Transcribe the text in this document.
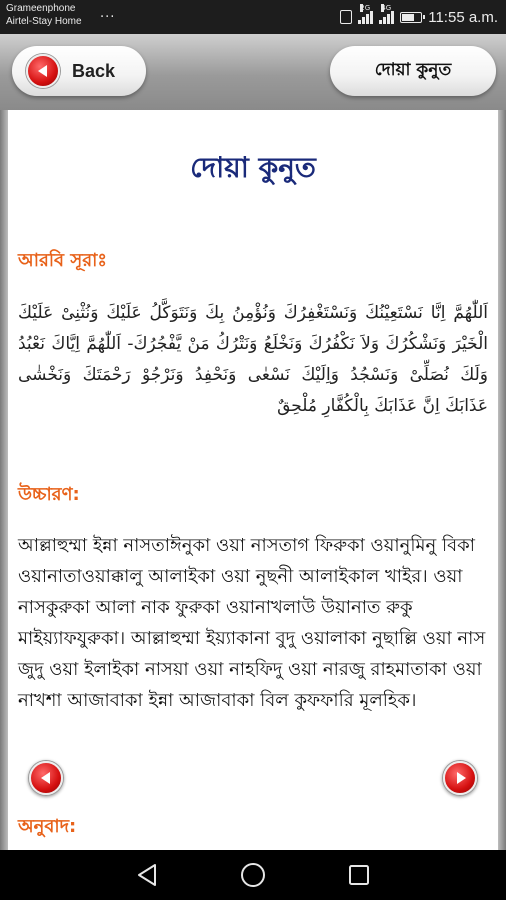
Grameenphone
Airtel-Stay Home
...	2G 4G
11:55 a.m.
Back	দোয়া কুনুত
দোয়া কুনুত
আরবি সূরাঃ
اَللّٰهُمَّ اِنَّا نَسْتَعِيْنُكَ وَنَسْتَغْفِرُكَ وَنُؤْمِنُ بِكَ وَنَتَوَكَّلُ عَلَيْكَ وَنُثْنِىْ عَلَيْكَ الْخَيْرَ وَنَشْكُرُكَ وَلاَ نَكْفُرُكَ وَنَخْلَعُ وَنَتْرُكُ مَنْ يَّفْجُرُكَ- اَللّٰهُمَّ اِيَّاكَ نَعْبُدُ وَلَكَ نُصَلِّىْ وَنَسْجُدُ وَاِلَيْكَ نَسْعٰى وَنَحْفِدُ وَنَرْجُوْ رَحْمَتَكَ وَنَخْشٰى عَذَابَكَ اِنَّ عَذَابَكَ بِالْكُفَّارِ مُلْحِقٌ
উচ্চারণ:
আল্লাহুম্মা ইন্না নাসতাঈনুকা ওয়া নাসতাগ ফিরুকা ওয়ানুমিনু বিকা ওয়ানাতাওয়াক্কালু আলাইকা ওয়া নুছনী আলাইকাল খাইর। ওয়া নাসকুরুকা আলা নাক ফুরুকা ওয়ানাখলাউ উয়ানাত রুকু মাইয়্যাফযুরুকা। আল্লাহুম্মা ইয়্যাকানা বুদু ওয়ালাকা নুছাল্লি ওয়া নাস জুদু ওয়া ইলাইকা নাসয়া ওয়া নাহফিদু ওয়া নারজু রাহমাতাকা ওয়া নাখশা আজাবাকা ইন্না আজাবাকা বিল কুফফারি মূলহিক।
অনুবাদ:
